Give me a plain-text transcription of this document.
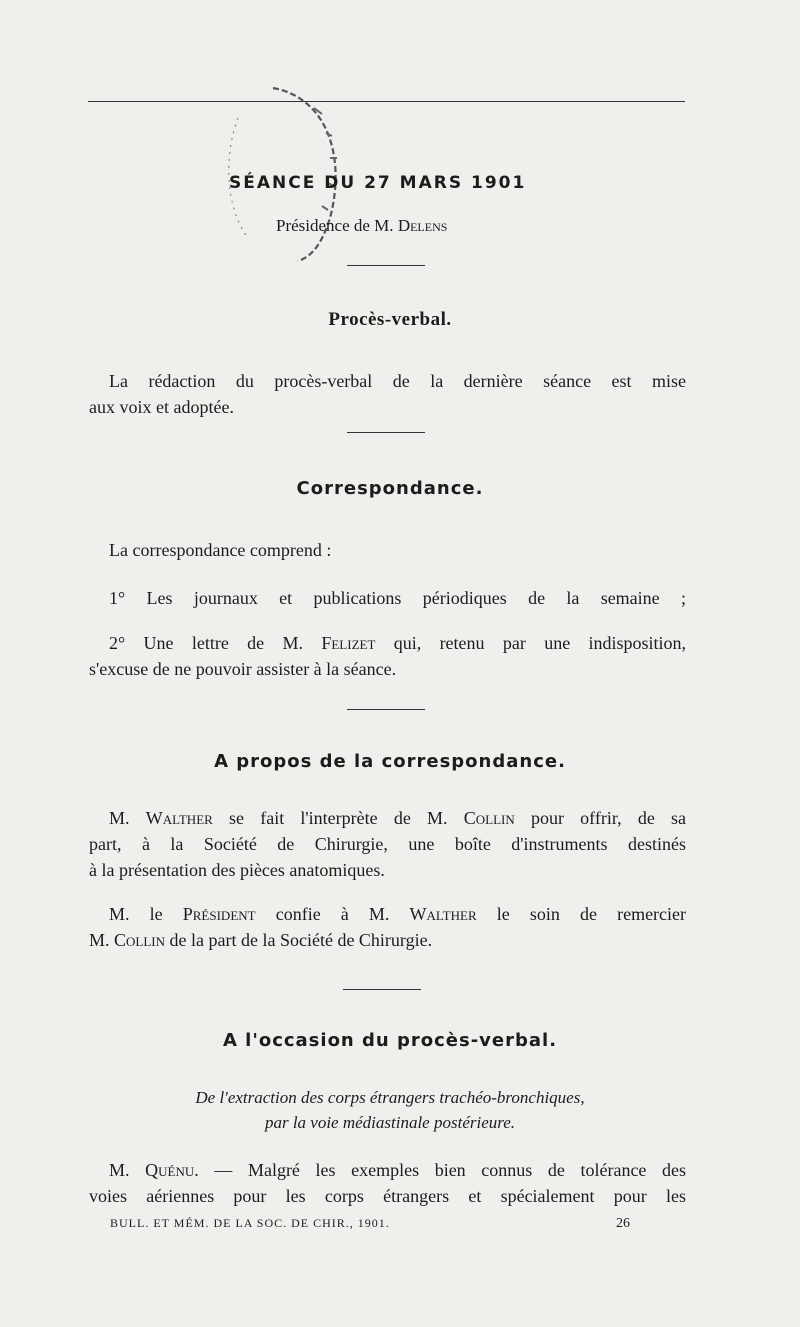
SÉANCE DU 27 MARS 1901
Présidence de M. Delens
Procès-verbal.
La rédaction du procès-verbal de la dernière séance est mise
aux voix et adoptée.
Correspondance.
La correspondance comprend :
1° Les journaux et publications périodiques de la semaine ;
2° Une lettre de M. Felizet qui, retenu par une indisposition,
s'excuse de ne pouvoir assister à la séance.
A propos de la correspondance.
M. Walther se fait l'interprète de M. Collin pour offrir, de sa
part, à la Société de Chirurgie, une boîte d'instruments destinés
à la présentation des pièces anatomiques.
M. le Président confie à M. Walther le soin de remercier
M. Collin de la part de la Société de Chirurgie.
A l'occasion du procès-verbal.
De l'extraction des corps étrangers trachéo-bronchiques,
par la voie médiastinale postérieure.
M. Quénu. — Malgré les exemples bien connus de tolérance des
voies aériennes pour les corps étrangers et spécialement pour les
BULL. ET MÉM. DE LA SOC. DE CHIR., 1901.	26
